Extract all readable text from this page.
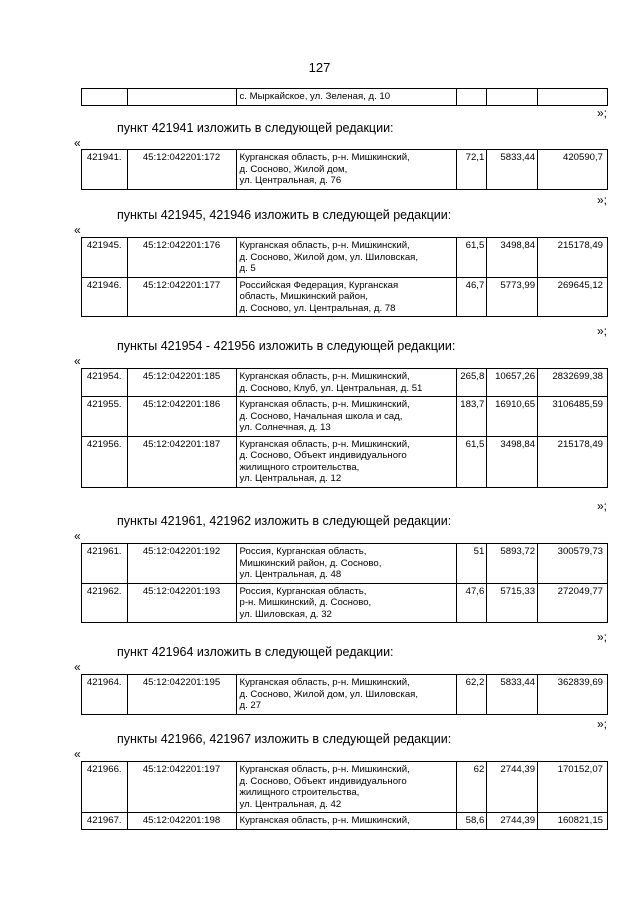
127
		с. Мыркайское, ул. Зеленая, д. 10			
»;
пункт 421941 изложить в следующей редакции:
«
421941.	45:12:042201:172	Курганская область, р-н. Мишкинский,
д. Сосново, Жилой дом,
ул. Центральная, д. 76
	72,1	5833,44	420590,7
»;
пункты 421945, 421946 изложить в следующей редакции:
«
421945.	45:12:042201:176	Курганская область, р-н. Мишкинский,
д. Сосново, Жилой дом, ул. Шиловская,
д. 5	61,5	3498,84	215178,49
421946.	45:12:042201:177	Российская Федерация, Курганская
область, Мишкинский район,
д. Сосново, ул. Центральная, д. 78	46,7	5773,99	269645,12
»;
пункты 421954 - 421956 изложить в следующей редакции:
«
421954.	45:12:042201:185	Курганская область, р-н. Мишкинский,
д. Сосново, Клуб, ул. Центральная, д. 51	265,8	10657,26	2832699,38
421955.	45:12:042201:186	Курганская область, р-н. Мишкинский,
д. Сосново, Начальная школа и сад,
ул. Солнечная, д. 13	183,7	16910,65	3106485,59
421956.	45:12:042201:187	Курганская область, р-н. Мишкинский,
д. Сосново, Объект индивидуального
жилищного строительства,
ул. Центральная, д. 12	61,5	3498,84	215178,49
»;
пункты 421961, 421962 изложить в следующей редакции:
«
421961.	45:12:042201:192	Россия, Курганская область,
Мишкинский район, д. Сосново,
ул. Центральная, д. 48	51	5893,72	300579,73
421962.	45:12:042201:193	Россия, Курганская область,
р-н. Мишкинский, д. Сосново,
ул. Шиловская, д. 32	47,6	5715,33	272049,77
»;
пункт 421964 изложить в следующей редакции:
«
421964.	45:12:042201:195	Курганская область, р-н. Мишкинский,
д. Сосново, Жилой дом, ул. Шиловская,
д. 27
	62,2	5833,44	362839,69
»;
пункты 421966, 421967 изложить в следующей редакции:
«
421966.	45:12:042201:197	Курганская область, р-н. Мишкинский,
д. Сосново, Объект индивидуального
жилищного строительства,
ул. Центральная, д. 42	62	2744,39	170152,07
421967.	45:12:042201:198	Курганская область, р-н. Мишкинский,	58,6	2744,39	160821,15
